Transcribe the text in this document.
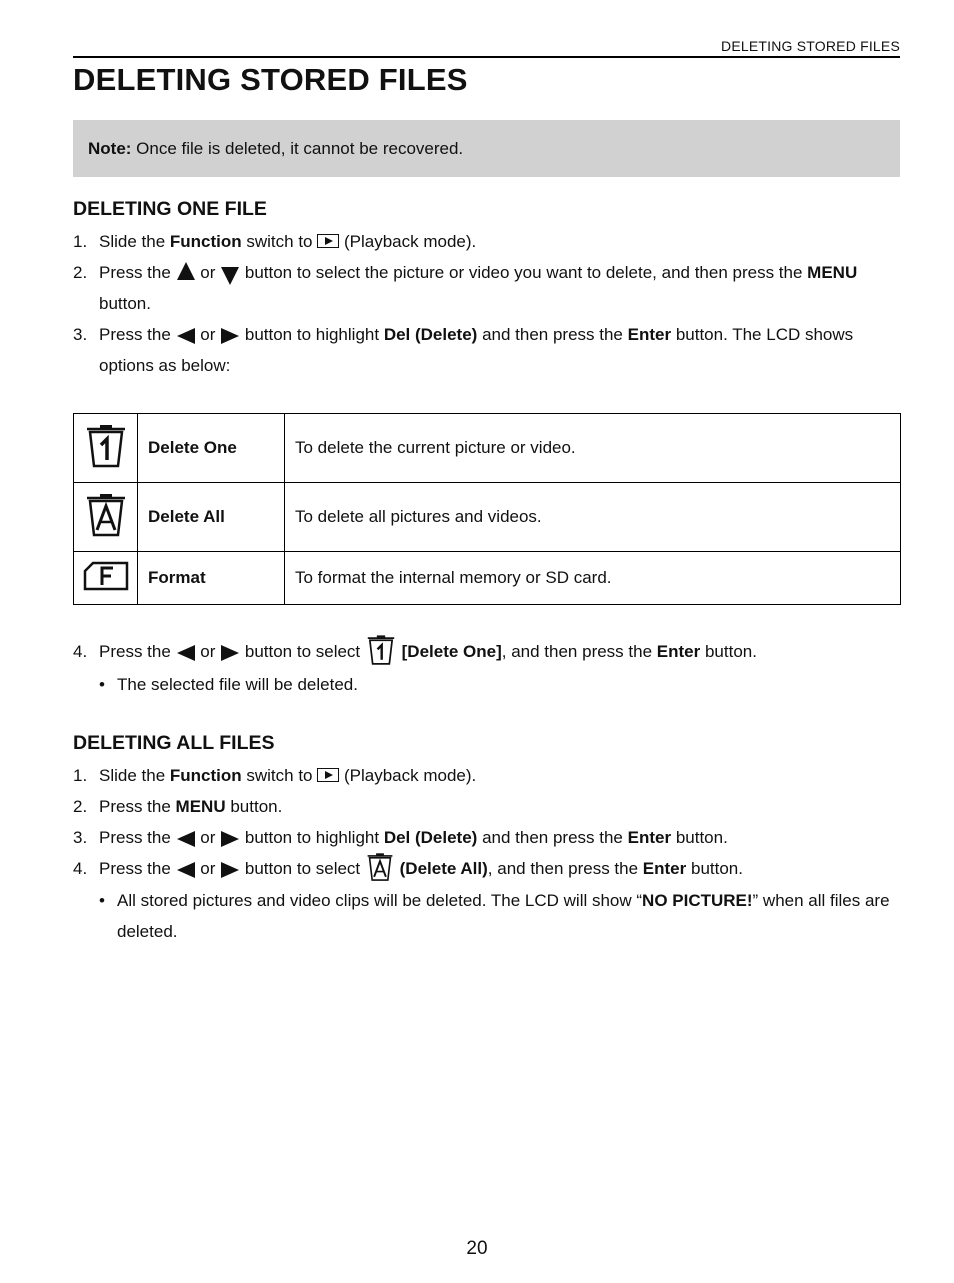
DELETING STORED FILES
DELETING STORED FILES
Note: Once file is deleted, it cannot be recovered.
DELETING ONE FILE
1. Slide the Function switch to  (Playback mode).
2. Press the  or  button to select the picture or video you want to delete, and then press the MENU button.
3. Press the  or  button to highlight Del (Delete) and then press the Enter button. The LCD shows options as below:
	Delete One	To delete the current picture or video.
	Delete All	To delete all pictures and videos.
	Format	To format the internal memory or SD card.
4. Press the  or  button to select  [Delete One], and then press the Enter button.
• The selected file will be deleted.
DELETING ALL FILES
1. Slide the Function switch to  (Playback mode).
2. Press the MENU button.
3. Press the  or  button to highlight Del (Delete) and then press the Enter button.
4. Press the  or  button to select  (Delete All), and then press the Enter button.
• All stored pictures and video clips will be deleted. The LCD will show “NO PICTURE!” when all files are deleted.
20
